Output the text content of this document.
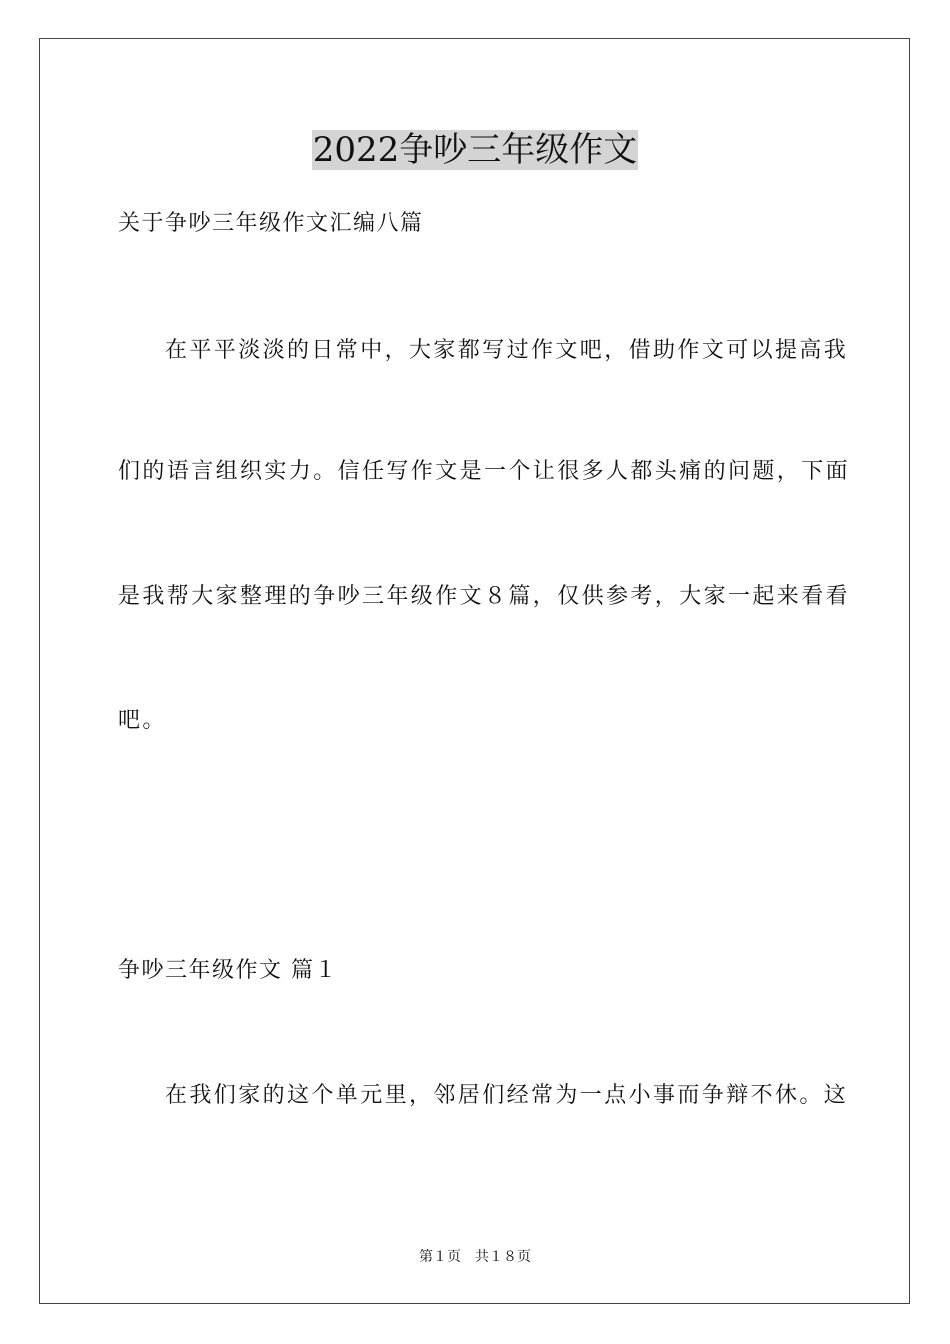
2022争吵三年级作文
关于争吵三年级作文汇编八篇
在平平淡淡的日常中，大家都写过作文吧，借助作文可以提高我
们的语言组织实力。信任写作文是一个让很多人都头痛的问题，下面
是我帮大家整理的争吵三年级作文８篇，仅供参考，大家一起来看看
吧。
争吵三年级作文 篇１
在我们家的这个单元里，邻居们经常为一点小事而争辩不休。这
第１页 共１８页
